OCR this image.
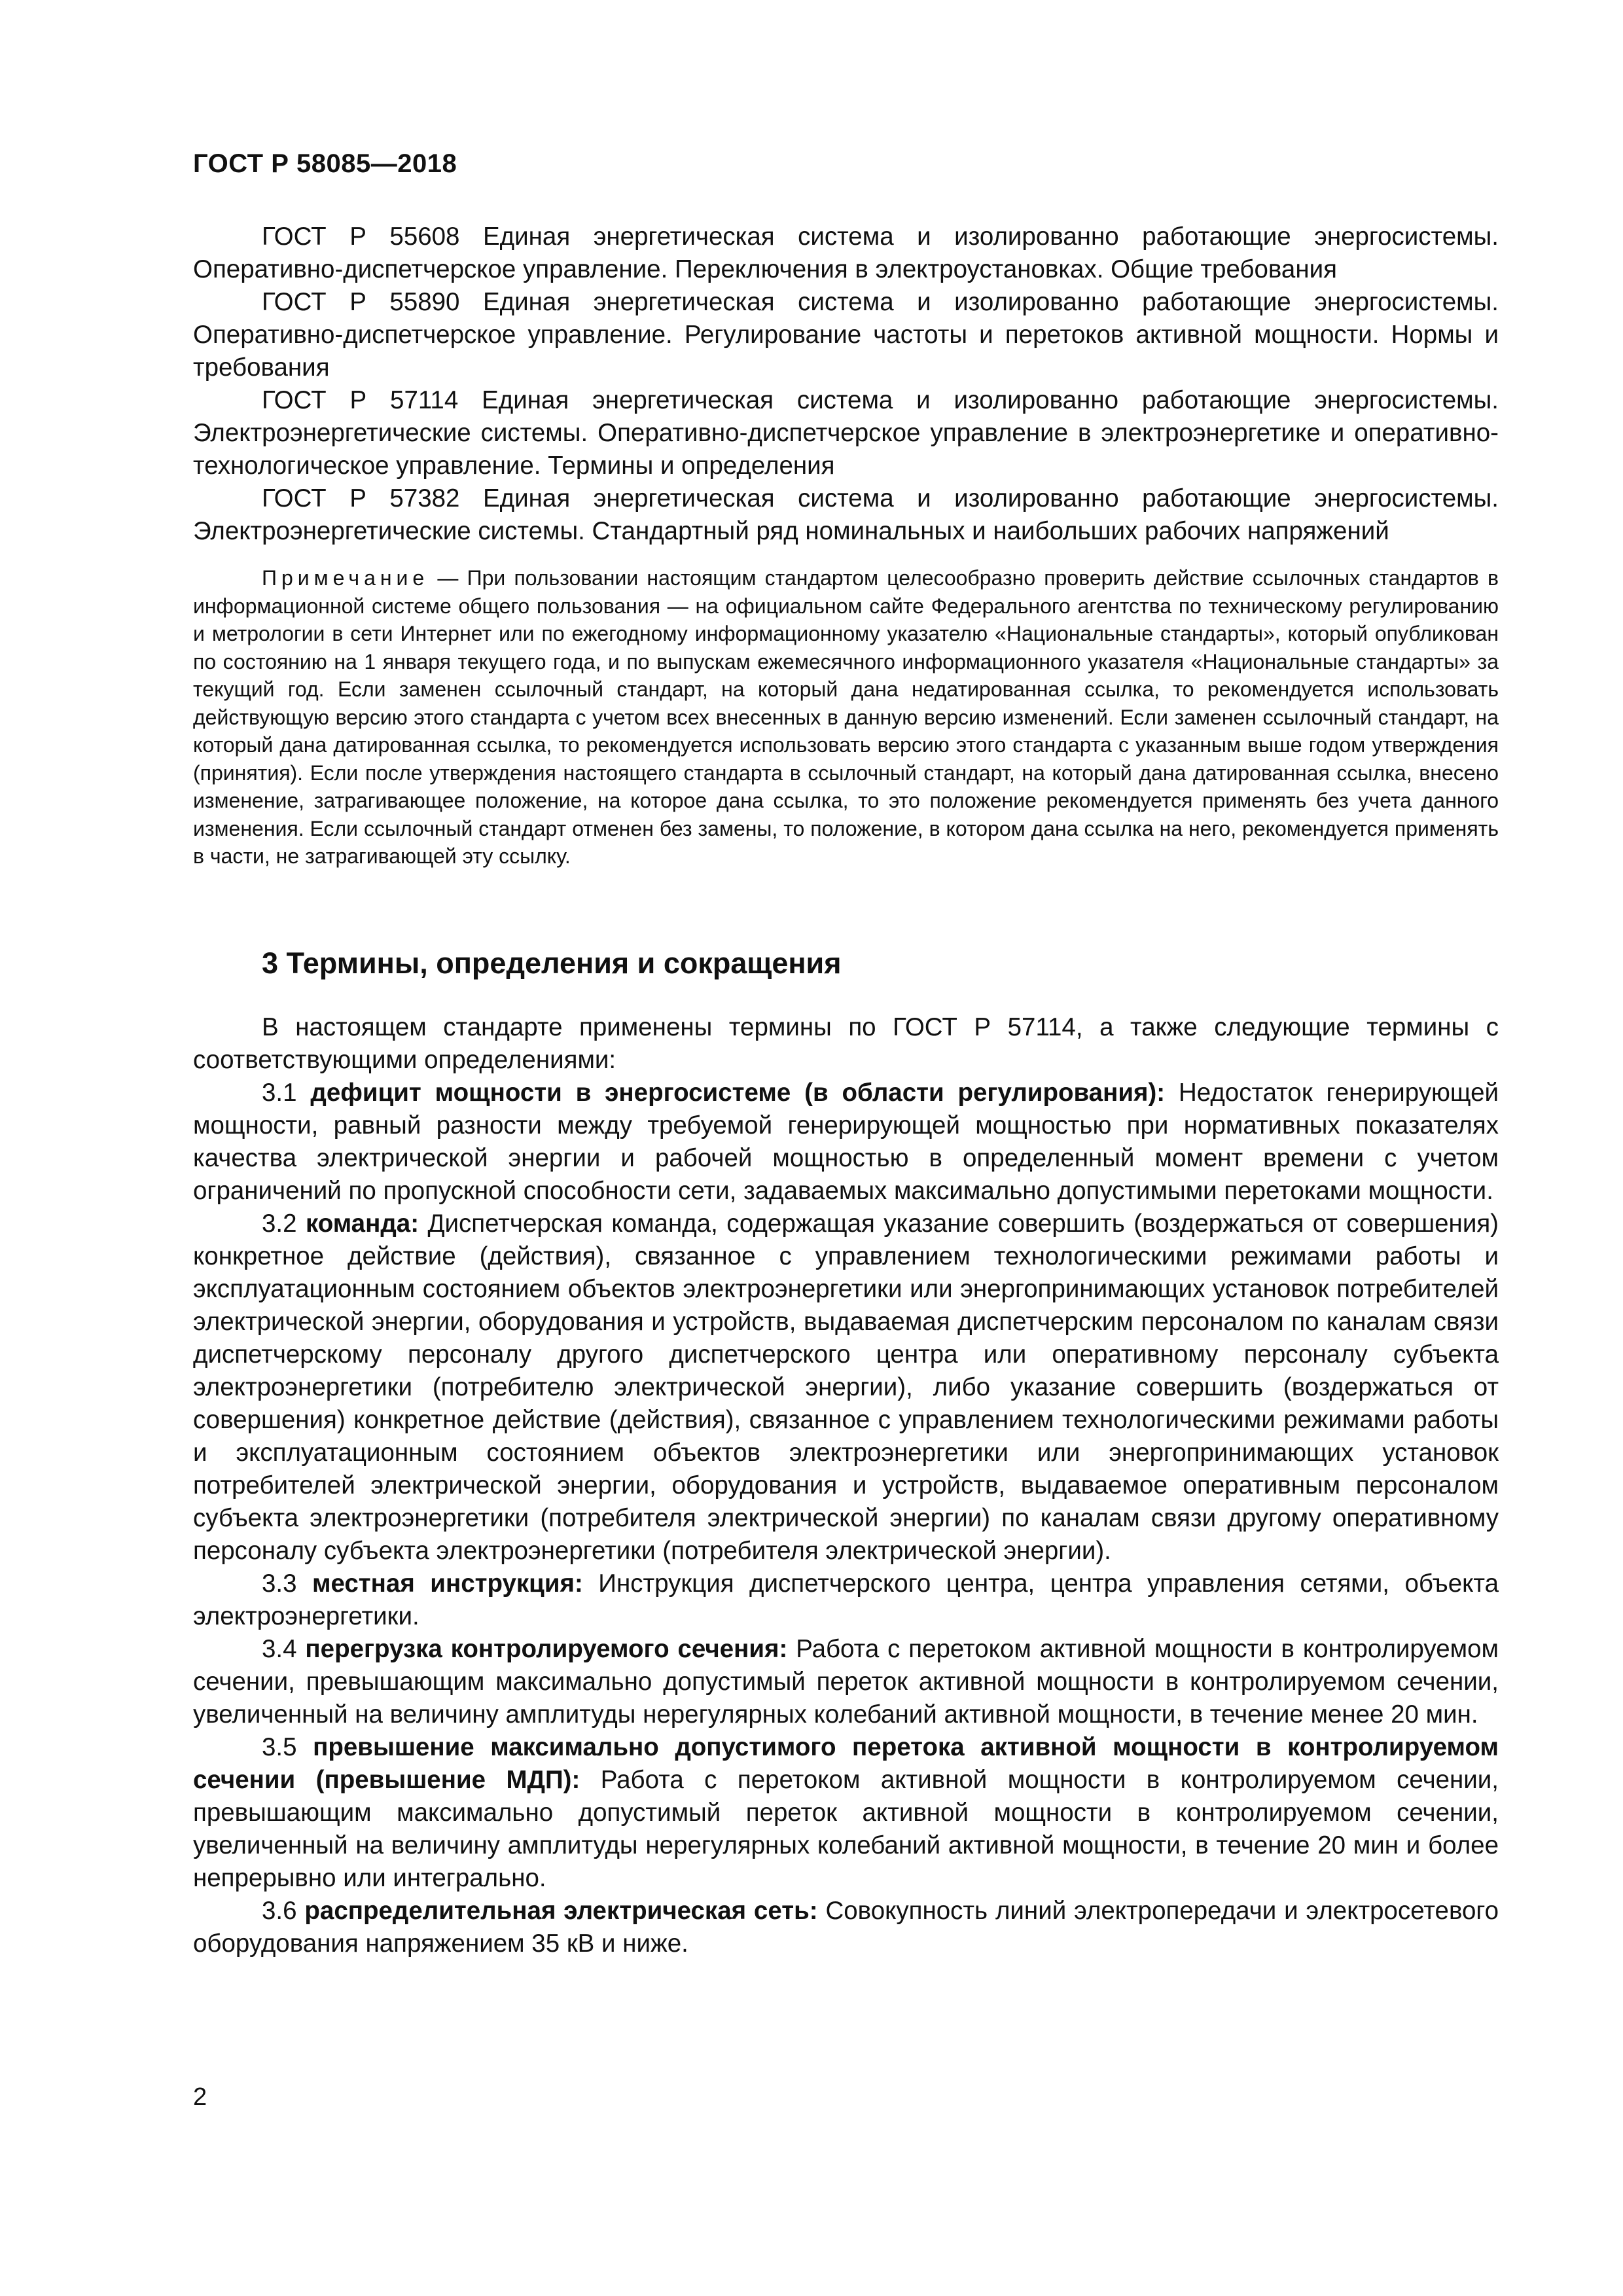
ГОСТ Р 58085—2018

ГОСТ Р 55608 Единая энергетическая система и изолированно работающие энергосистемы. Оперативно-диспетчерское управление. Переключения в электроустановках. Общие требования

ГОСТ Р 55890 Единая энергетическая система и изолированно работающие энергосистемы. Оперативно-диспетчерское управление. Регулирование частоты и перетоков активной мощности. Нормы и требования

ГОСТ Р 57114 Единая энергетическая система и изолированно работающие энергосистемы. Электроэнергетические системы. Оперативно-диспетчерское управление в электроэнергетике и оперативно-технологическое управление. Термины и определения

ГОСТ Р 57382 Единая энергетическая система и изолированно работающие энергосистемы. Электроэнергетические системы. Стандартный ряд номинальных и наибольших рабочих напряжений

Примечание — При пользовании настоящим стандартом целесообразно проверить действие ссылочных стандартов в информационной системе общего пользования — на официальном сайте Федерального агентства по техническому регулированию и метрологии в сети Интернет или по ежегодному информационному указателю «Национальные стандарты», который опубликован по состоянию на 1 января текущего года, и по выпускам ежемесячного информационного указателя «Национальные стандарты» за текущий год. Если заменен ссылочный стандарт, на который дана недатированная ссылка, то рекомендуется использовать действующую версию этого стандарта с учетом всех внесенных в данную версию изменений. Если заменен ссылочный стандарт, на который дана датированная ссылка, то рекомендуется использовать версию этого стандарта с указанным выше годом утверждения (принятия). Если после утверждения настоящего стандарта в ссылочный стандарт, на который дана датированная ссылка, внесено изменение, затрагивающее положение, на которое дана ссылка, то это положение рекомендуется применять без учета данного изменения. Если ссылочный стандарт отменен без замены, то положение, в котором дана ссылка на него, рекомендуется применять в части, не затрагивающей эту ссылку.
3 Термины, определения и сокращения

В настоящем стандарте применены термины по ГОСТ Р 57114, а также следующие термины с соответствующими определениями:

3.1 дефицит мощности в энергосистеме (в области регулирования): Недостаток генерирующей мощности, равный разности между требуемой генерирующей мощностью при нормативных показателях качества электрической энергии и рабочей мощностью в определенный момент времени с учетом ограничений по пропускной способности сети, задаваемых максимально допустимыми перетоками мощности.

3.2 команда: Диспетчерская команда, содержащая указание совершить (воздержаться от совершения) конкретное действие (действия), связанное с управлением технологическими режимами работы и эксплуатационным состоянием объектов электроэнергетики или энергопринимающих установок потребителей электрической энергии, оборудования и устройств, выдаваемая диспетчерским персоналом по каналам связи диспетчерскому персоналу другого диспетчерского центра или оперативному персоналу субъекта электроэнергетики (потребителю электрической энергии), либо указание совершить (воздержаться от совершения) конкретное действие (действия), связанное с управлением технологическими режимами работы и эксплуатационным состоянием объектов электроэнергетики или энергопринимающих установок потребителей электрической энергии, оборудования и устройств, выдаваемое оперативным персоналом субъекта электроэнергетики (потребителя электрической энергии) по каналам связи другому оперативному персоналу субъекта электроэнергетики (потребителя электрической энергии).

3.3 местная инструкция: Инструкция диспетчерского центра, центра управления сетями, объекта электроэнергетики.

3.4 перегрузка контролируемого сечения: Работа с перетоком активной мощности в контролируемом сечении, превышающим максимально допустимый переток активной мощности в контролируемом сечении, увеличенный на величину амплитуды нерегулярных колебаний активной мощности, в течение менее 20 мин.

3.5 превышение максимально допустимого перетока активной мощности в контролируемом сечении (превышение МДП): Работа с перетоком активной мощности в контролируемом сечении, превышающим максимально допустимый переток активной мощности в контролируемом сечении, увеличенный на величину амплитуды нерегулярных колебаний активной мощности, в течение 20 мин и более непрерывно или интегрально.

3.6 распределительная электрическая сеть: Совокупность линий электропередачи и электросетевого оборудования напряжением 35 кВ и ниже.

2
